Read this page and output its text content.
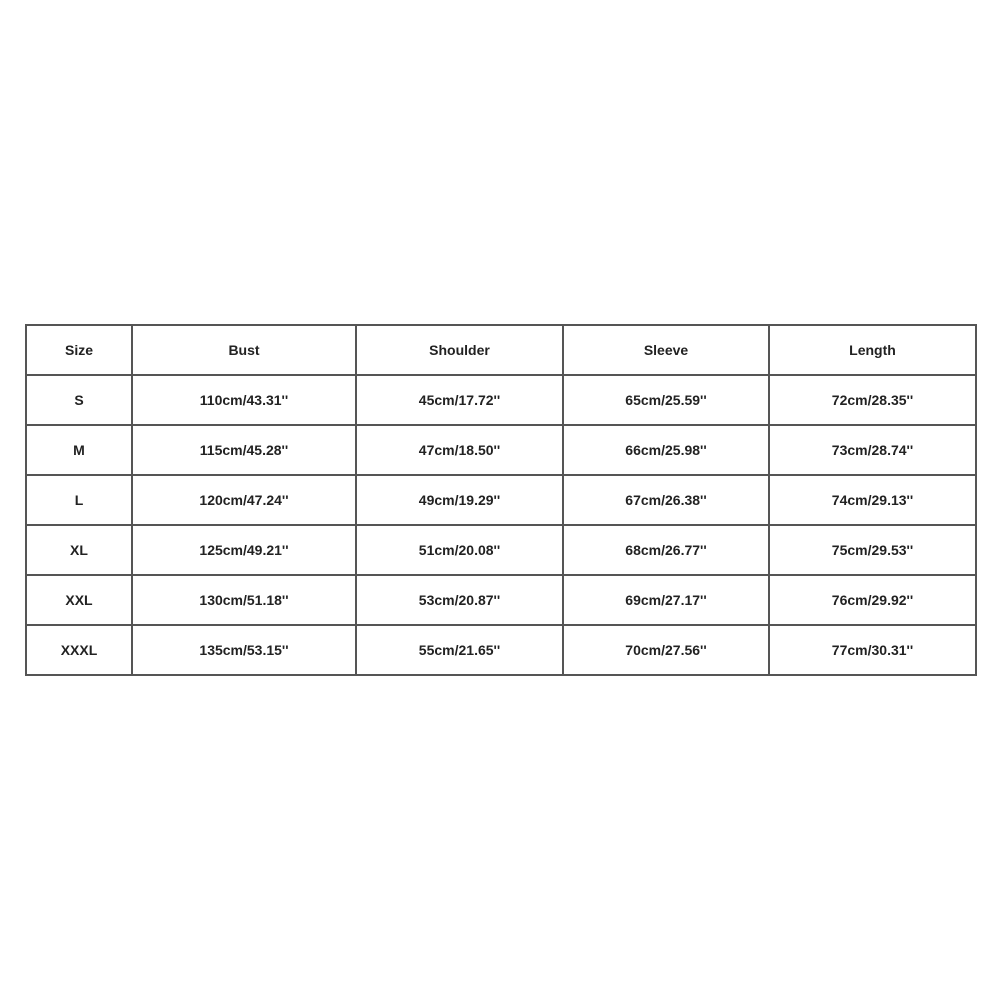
Size	Bust	Shoulder	Sleeve	Length
S	110cm/43.31''	45cm/17.72''	65cm/25.59''	72cm/28.35''
M	115cm/45.28''	47cm/18.50''	66cm/25.98''	73cm/28.74''
L	120cm/47.24''	49cm/19.29''	67cm/26.38''	74cm/29.13''
XL	125cm/49.21''	51cm/20.08''	68cm/26.77''	75cm/29.53''
XXL	130cm/51.18''	53cm/20.87''	69cm/27.17''	76cm/29.92''
XXXL	135cm/53.15''	55cm/21.65''	70cm/27.56''	77cm/30.31''
